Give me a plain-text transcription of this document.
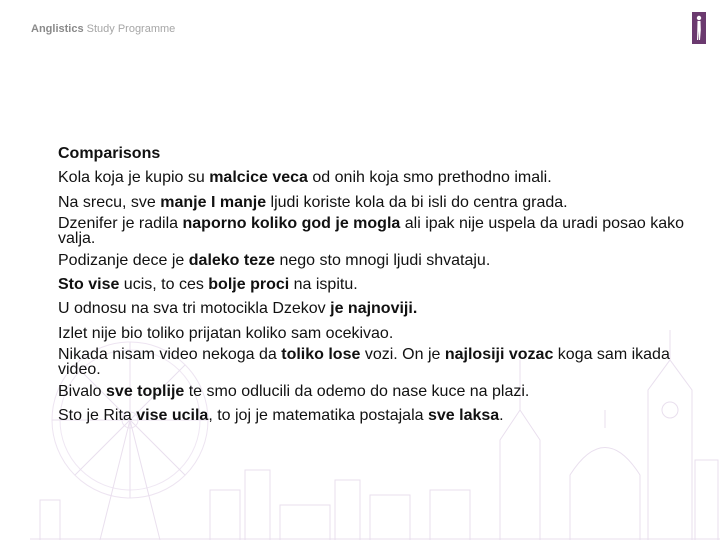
Anglistics Study Programme

Comparisons

Kola koja je kupio su malcice veca od onih koja smo prethodno imali.

Na srecu, sve manje I manje ljudi koriste kola da bi isli do centra grada.

Dzenifer je radila naporno koliko god je mogla ali ipak nije uspela da uradi posao kako valja.

Podizanje dece je daleko teze nego sto mnogi ljudi shvataju.

Sto vise ucis, to ces bolje proci na ispitu.

U odnosu na sva tri motocikla Dzekov je najnoviji.

Izlet nije bio toliko prijatan koliko sam ocekivao.

Nikada nisam video nekoga da toliko lose vozi. On je najlosiji vozac koga sam ikada video.

Bivalo sve toplije te smo odlucili da odemo do nase kuce na plazi.

Sto je Rita vise ucila, to joj je matematika postajala sve laksa.
